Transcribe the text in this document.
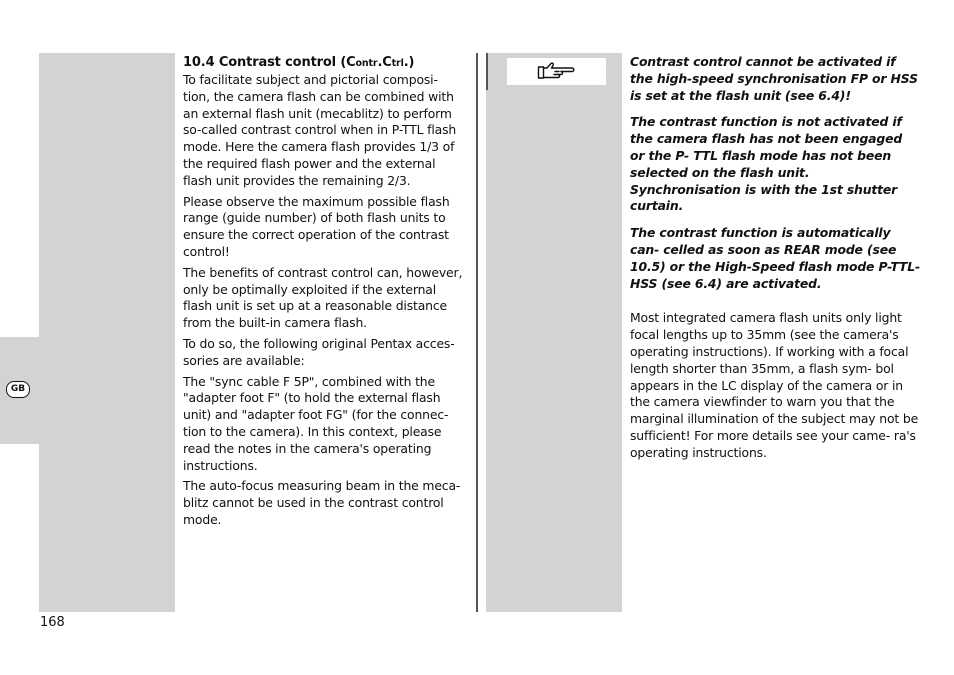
GB
10.4 Contrast control (Contr.Ctrl.)

To facilitate subject and pictorial composi- tion, the camera flash can be combined with an external flash unit (mecablitz) to perform so-called contrast control when in P-TTL flash mode. Here the camera flash provides 1/3 of the required flash power and the external flash unit provides the remaining 2/3.

Please observe the maximum possible flash range (guide number) of both flash units to ensure the correct operation of the contrast control!

The benefits of contrast control can, however, only be optimally exploited if the external flash unit is set up at a reasonable distance from the built-in camera flash.

To do so, the following original Pentax acces- sories are available:

The "sync cable F 5P", combined with the "adapter foot F" (to hold the external flash unit) and "adapter foot FG" (for the connec- tion to the camera). In this context, please read the notes in the camera's operating instructions.

The auto-focus measuring beam in the meca- blitz cannot be used in the contrast control mode.

Contrast control cannot be activated if the high-speed synchronisation FP or HSS is set at the flash unit (see 6.4)!

The contrast function is not activated if the camera flash has not been engaged or the P- TTL flash mode has not been selected on the flash unit. Synchronisation is with the 1st shutter curtain.

The contrast function is automatically can- celled as soon as REAR mode (see 10.5) or the High-Speed flash mode P-TTL-HSS (see 6.4) are activated.

Most integrated camera flash units only light focal lengths up to 35mm (see the camera's operating instructions). If working with a focal length shorter than 35mm, a flash sym- bol appears in the LC display of the camera or in the camera viewfinder to warn you that the marginal illumination of the subject may not be sufficient! For more details see your came- ra's operating instructions.

168
